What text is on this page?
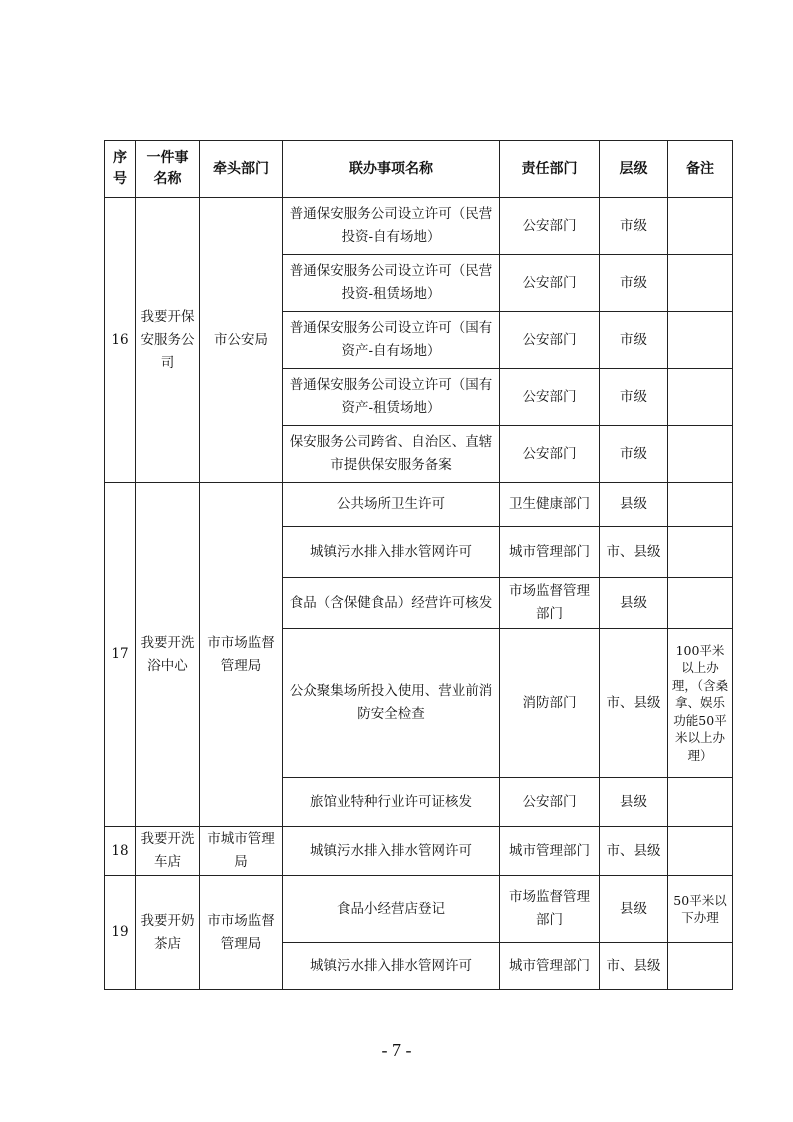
序号	一件事名称	牵头部门	联办事项名称	责任部门	层级	备注
16	我要开保安服务公司	市公安局	普通保安服务公司设立许可（民营投资-自有场地）	公安部门	市级	
			普通保安服务公司设立许可（民营投资-租赁场地）	公安部门	市级	
			普通保安服务公司设立许可（国有资产-自有场地）	公安部门	市级	
			普通保安服务公司设立许可（国有资产-租赁场地）	公安部门	市级	
			保安服务公司跨省、自治区、直辖市提供保安服务备案	公安部门	市级	
17	我要开洗浴中心	市市场监督管理局	公共场所卫生许可	卫生健康部门	县级	
			城镇污水排入排水管网许可	城市管理部门	市、县级	
			食品（含保健食品）经营许可核发	市场监督管理部门	县级	
			公众聚集场所投入使用、营业前消防安全检查	消防部门	市、县级	100平米以上办理，（含桑拿、娱乐功能50平米以上办理）
			旅馆业特种行业许可证核发	公安部门	县级	
18	我要开洗车店	市城市管理局	城镇污水排入排水管网许可	城市管理部门	市、县级	
19	我要开奶茶店	市市场监督管理局	食品小经营店登记	市场监督管理部门	县级	50平米以下办理
			城镇污水排入排水管网许可	城市管理部门	市、县级	
- 7 -
